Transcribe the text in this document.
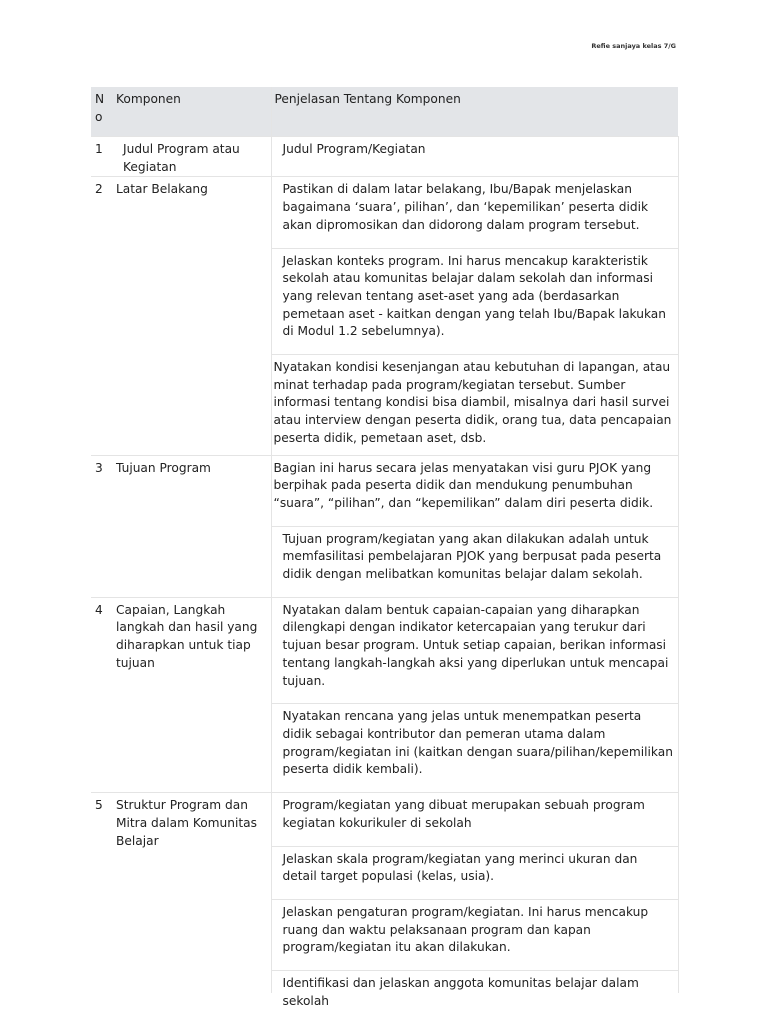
Refie sanjaya kelas 7/G
N o	Komponen	Penjelasan Tentang Komponen

1	Judul Program atau Kegiatan	Judul Program/Kegiatan

2	Latar Belakang	Pastikan di dalam latar belakang, Ibu/Bapak menjelaskan bagaimana ‘suara’, pilihan’, dan ‘kepemilikan’ peserta didik akan dipromosikan dan didorong dalam program tersebut.
Jelaskan konteks program. Ini harus mencakup karakteristik sekolah atau komunitas belajar dalam sekolah dan informasi yang relevan tentang aset-aset yang ada (berdasarkan pemetaan aset - kaitkan dengan yang telah Ibu/Bapak lakukan di Modul 1.2 sebelumnya).
Nyatakan kondisi kesenjangan atau kebutuhan di lapangan, atau minat terhadap pada program/kegiatan tersebut. Sumber informasi tentang kondisi bisa diambil, misalnya dari hasil survei atau interview dengan peserta didik, orang tua, data pencapaian peserta didik, pemetaan aset, dsb.

3	Tujuan Program	Bagian ini harus secara jelas menyatakan visi guru PJOK yang berpihak pada peserta didik dan mendukung penumbuhan “suara”, “pilihan”, dan “kepemilikan” dalam diri peserta didik.
Tujuan program/kegiatan yang akan dilakukan adalah untuk memfasilitasi pembelajaran PJOK yang berpusat pada peserta didik dengan melibatkan komunitas belajar dalam sekolah.

4	Capaian, Langkah langkah dan hasil yang diharapkan untuk tiap tujuan	Nyatakan dalam bentuk capaian-capaian yang diharapkan dilengkapi dengan indikator ketercapaian yang terukur dari tujuan besar program. Untuk setiap capaian, berikan informasi tentang langkah-langkah aksi yang diperlukan untuk mencapai tujuan.
Nyatakan rencana yang jelas untuk menempatkan peserta didik sebagai kontributor dan pemeran utama dalam program/kegiatan ini (kaitkan dengan suara/pilihan/kepemilikan peserta didik kembali).

5	Struktur Program dan Mitra dalam Komunitas Belajar	Program/kegiatan yang dibuat merupakan sebuah program kegiatan kokurikuler di sekolah
Jelaskan skala program/kegiatan yang merinci ukuran dan detail target populasi (kelas, usia).
Jelaskan pengaturan program/kegiatan. Ini harus mencakup ruang dan waktu pelaksanaan program dan kapan program/kegiatan itu akan dilakukan.
Identifikasi dan jelaskan anggota komunitas belajar dalam sekolah
